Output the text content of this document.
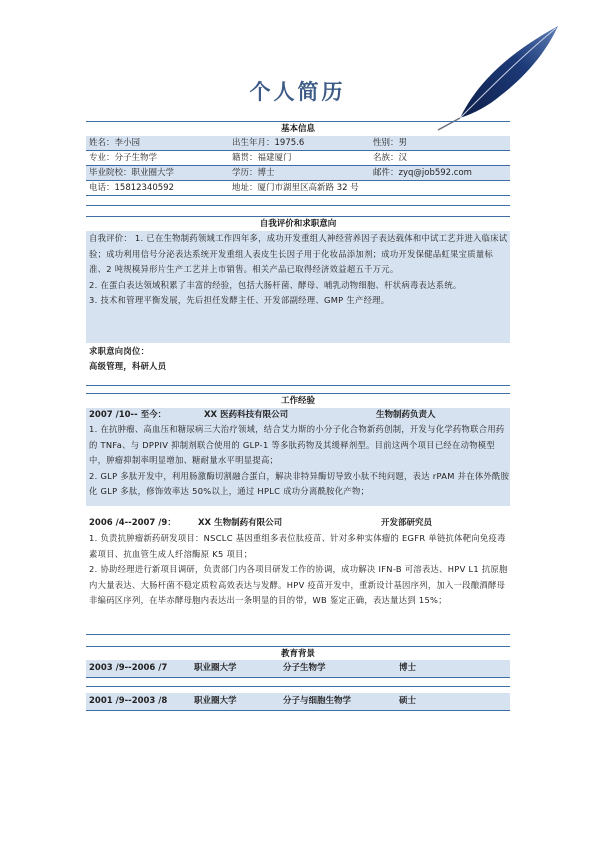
个人简历
基本信息
姓名：李小园	出生年月：1975.6	性别：男
专业：分子生物学	籍贯：福建厦门	名族：汉
毕业院校：职业圈大学	学历：博士	邮件：zyq@job592.com
电话：15812340592	地址：厦门市湖里区高新路 32 号
自我评价和求职意向
自我评价： 1. 已在生物制药领域工作四年多，成功开发重组人神经营养因子表达载体和中试工艺并进入临床试验；成功利用信号分泌表达系统开发重组人表皮生长因子用于化妆品添加剂；成功开发保健品虹果宝质量标准、2 吨规模异形片生产工艺并上市销售。相关产品已取得经济效益超五千万元。
2. 在蛋白表达领域积累了丰富的经验，包括大肠杆菌、酵母、哺乳动物细胞、杆状病毒表达系统。
3. 技术和管理平衡发展，先后担任发酵主任、开发部副经理、GMP 生产经理。
求职意向岗位：
高级管理，科研人员
工作经验
2007 /10-- 至今：	XX 医药科技有限公司	生物制药负责人
1. 在抗肿瘤、高血压和糖尿病三大治疗领域，结合艾力斯的小分子化合物新药创制，开发与化学药物联合用药的 TNFa、与 DPPIV 抑制剂联合使用的 GLP-1 等多肽药物及其缓释剂型。目前这两个项目已经在动物模型中，肿瘤抑制率明显增加、糖耐量水平明显提高；
2. GLP 多肽开发中，利用肠激酶切割融合蛋白，解决非特异酶切导致小肽不纯问题，表达 rPAM 并在体外酰胺化 GLP 多肽，修饰效率达 50%以上，通过 HPLC 成功分离酰胺化产物；
2006 /4--2007 /9：	XX 生物制药有限公司	开发部研究员
1. 负责抗肿瘤新药研发项目：NSCLC 基因重组多表位肽疫苗、针对多种实体瘤的 EGFR 单链抗体靶向免疫毒素项目、抗血管生成人纤溶酶原 K5 项目；
2. 协助经理进行新项目调研，负责部门内各项目研发工作的协调，成功解决 IFN-B 可溶表达、HPV L1 抗原胞内大量表达、大肠杆菌不稳定质粒高效表达与发酵。HPV 疫苗开发中，重新设计基因序列，加入一段酿酒酵母非编码区序列，在毕赤酵母胞内表达出一条明显的目的带，WB 鉴定正确，表达量达到 15%；
教育背景
2003 /9--2006 /7	职业圈大学	分子生物学	博士
2001 /9--2003 /8	职业圈大学	分子与细胞生物学	硕士
